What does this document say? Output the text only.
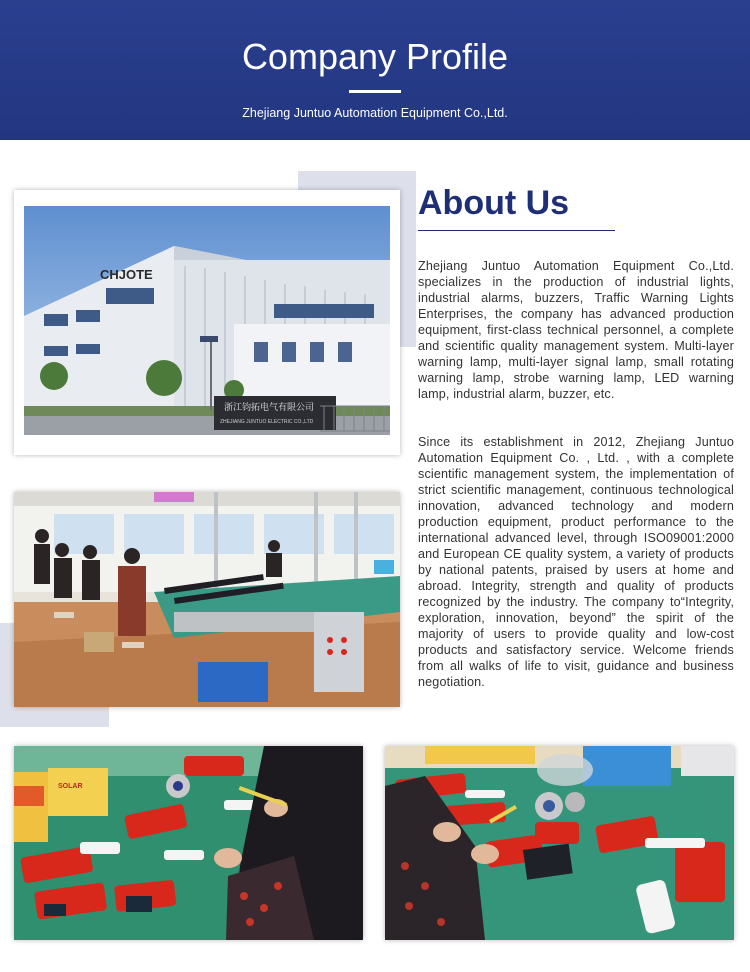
Company Profile
Zhejiang Juntuo Automation Equipment Co.,Ltd.
CHJOTE
浙江钧拓电气有限公司
ZHEJIANG JUNTUO ELECTRIC CO.,LTD
SOLAR
About Us

Zhejiang Juntuo Automation Equipment Co.,Ltd. specializes in the production of industrial lights, industrial alarms, buzzers, Traffic Warning Lights Enterprises, the company has advanced production equipment, first-class technical personnel, a complete and scientific quality management system. Multi-layer warning lamp, multi-layer signal lamp, small rotating warning lamp, strobe warning lamp, LED warning lamp, industrial alarm, buzzer, etc.

Since its establishment in 2012, Zhejiang Juntuo Automation Equipment Co. , Ltd. , with a complete scientific management system, the implementation of strict scientific management, continuous technological innovation, advanced technology and modern production equipment, product performance to the international advanced level, through ISO09001:2000 and European CE quality system, a variety of products by national patents, praised by users at home and abroad. Integrity, strength and quality of products recognized by the industry. The company to“Integrity, exploration, innovation, beyond” the spirit of the majority of users to provide quality and low-cost products and satisfactory service. Welcome friends from all walks of life to visit, guidance and business negotiation.
